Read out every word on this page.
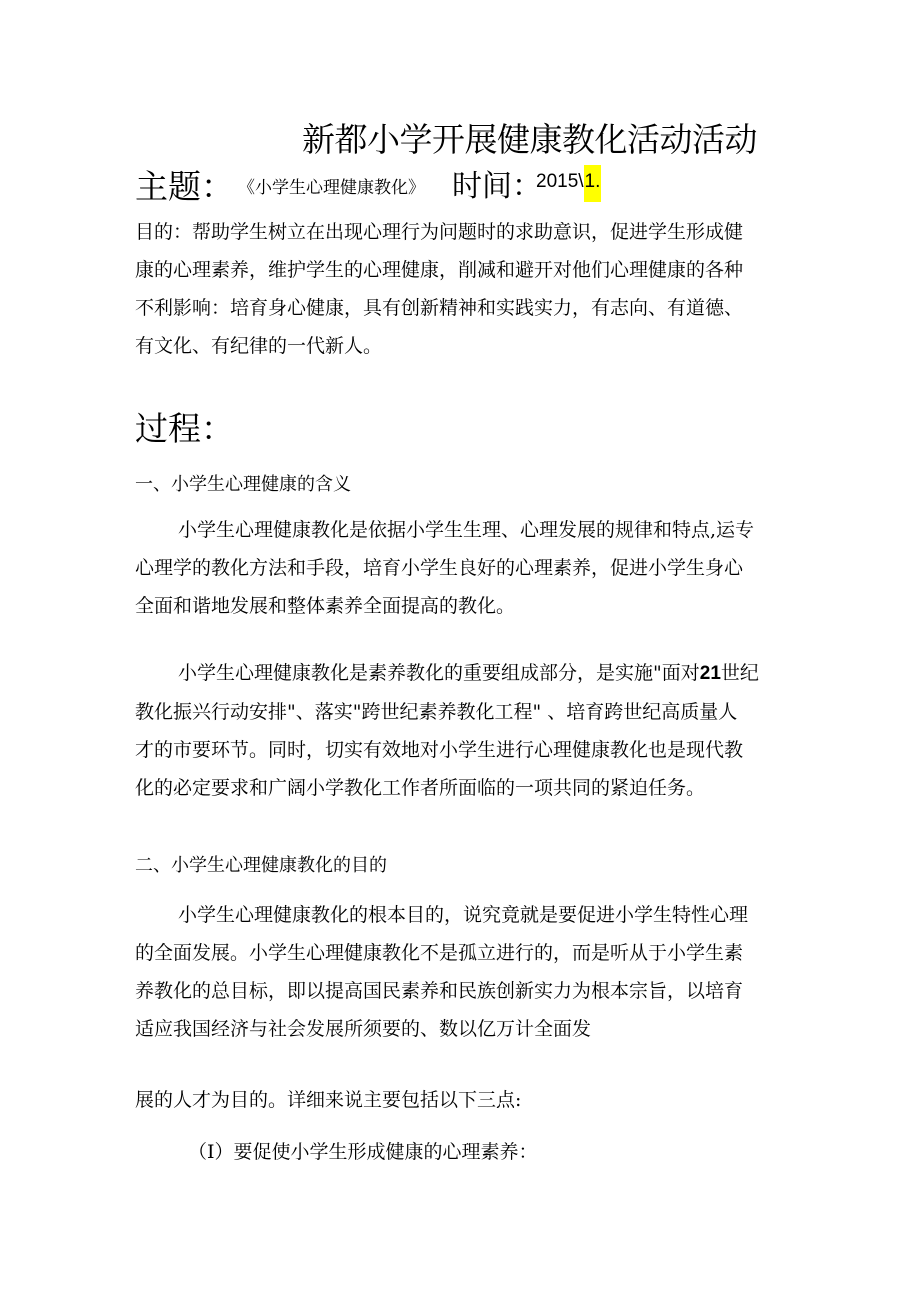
新都小学开展健康教化活动活动
主题： 《小学生心理健康教化》 时间：
2015\1.
目的：帮助学生树立在出现心理行为问题时的求助意识，促进学生形成健
康的心理素养，维护学生的心理健康，削减和避开对他们心理健康的各种
不利影响：培育身心健康，具有创新精神和实践实力，有志向、有道德、
有文化、有纪律的一代新人。
过程：
一、小学生心理健康的含义
小学生心理健康教化是依据小学生生理、心理发展的规律和特点,运专
心理学的教化方法和手段，培育小学生良好的心理素养，促进小学生身心
全面和谐地发展和整体素养全面提高的教化。
小学生心理健康教化是素养教化的重要组成部分，是实施"面对21世纪
教化振兴行动安排"、落实"跨世纪素养教化工程" 、培育跨世纪高质量人
才的市要环节。同时，切实有效地对小学生进行心理健康教化也是现代教
化的必定要求和广阔小学教化工作者所面临的一项共同的紧迫任务。
二、小学生心理健康教化的目的
小学生心理健康教化的根本目的，说究竟就是要促进小学生特性心理
的全面发展。小学生心理健康教化不是孤立进行的，而是听从于小学生素
养教化的总目标，即以提高国民素养和民族创新实力为根本宗旨，以培育
适应我国经济与社会发展所须要的、数以亿万计全面发
展的人才为目的。详细来说主要包括以下三点:
（I）要促使小学生形成健康的心理素养：
